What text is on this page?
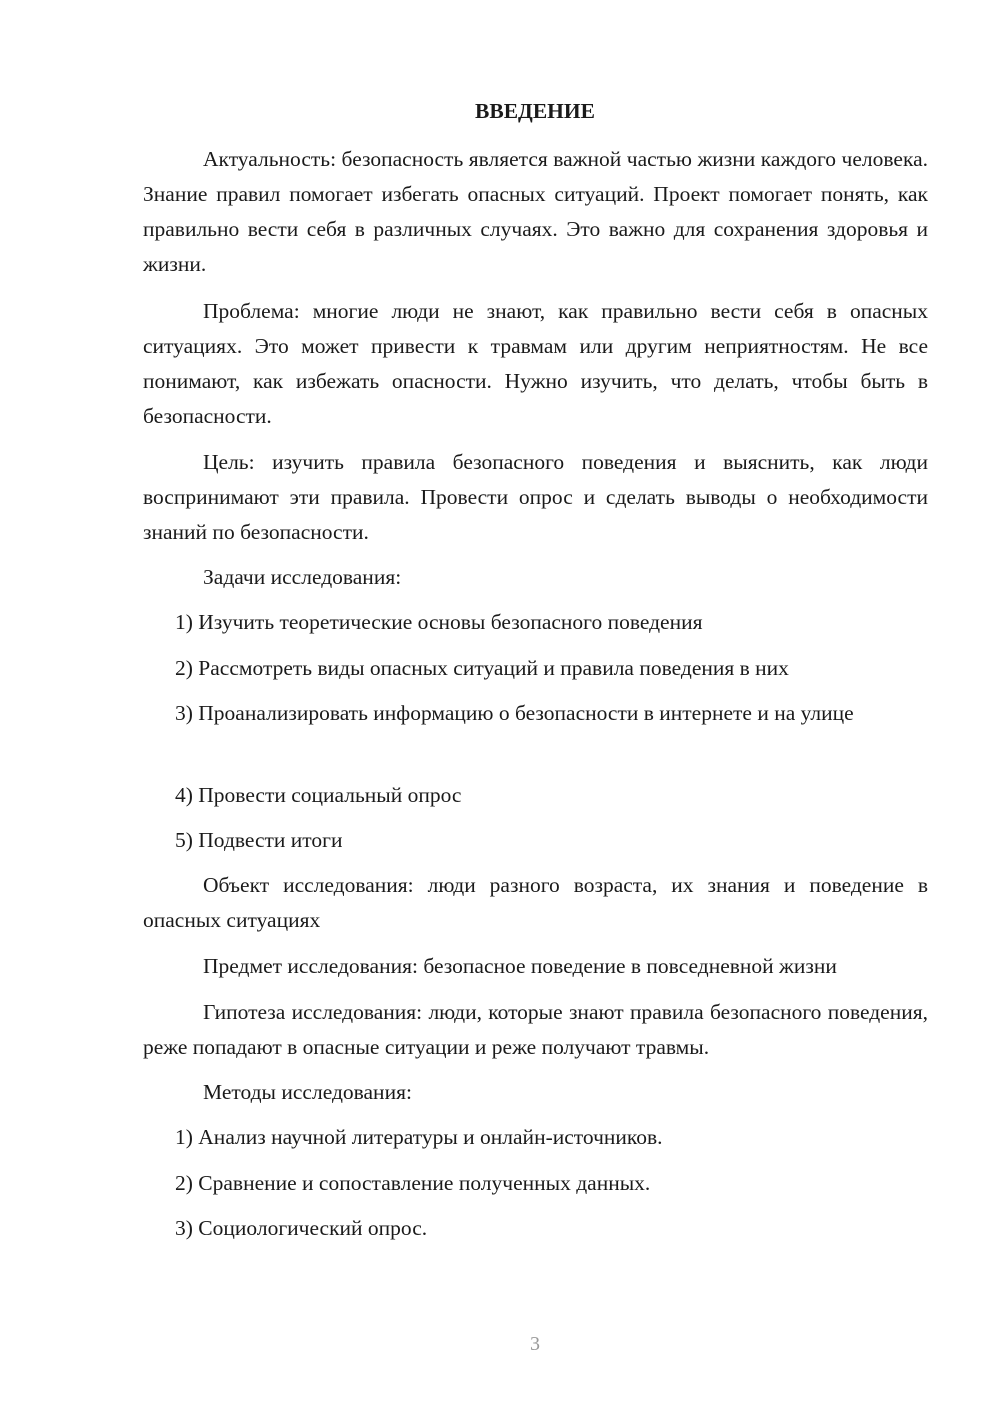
ВВЕДЕНИЕ

Актуальность: безопасность является важной частью жизни каждого человека. Знание правил помогает избегать опасных ситуаций. Проект помогает понять, как правильно вести себя в различных случаях. Это важно для сохранения здоровья и жизни.

Проблема: многие люди не знают, как правильно вести себя в опасных ситуациях. Это может привести к травмам или другим неприятностям. Не все понимают, как избежать опасности. Нужно изучить, что делать, чтобы быть в безопасности.

Цель: изучить правила безопасного поведения и выяснить, как люди воспринимают эти правила. Провести опрос и сделать выводы о необходимости знаний по безопасности.

Задачи исследования:

1) Изучить теоретические основы безопасного поведения

2) Рассмотреть виды опасных ситуаций и правила поведения в них

3) Проанализировать информацию о безопасности в интернете и на улице

4) Провести социальный опрос

5) Подвести итоги

Объект исследования: люди разного возраста, их знания и поведение в опасных ситуациях

Предмет исследования: безопасное поведение в повседневной жизни

Гипотеза исследования: люди, которые знают правила безопасного поведения, реже попадают в опасные ситуации и реже получают травмы.

Методы исследования:

1) Анализ научной литературы и онлайн-источников.

2) Сравнение и сопоставление полученных данных.

3) Социологический опрос.

3
